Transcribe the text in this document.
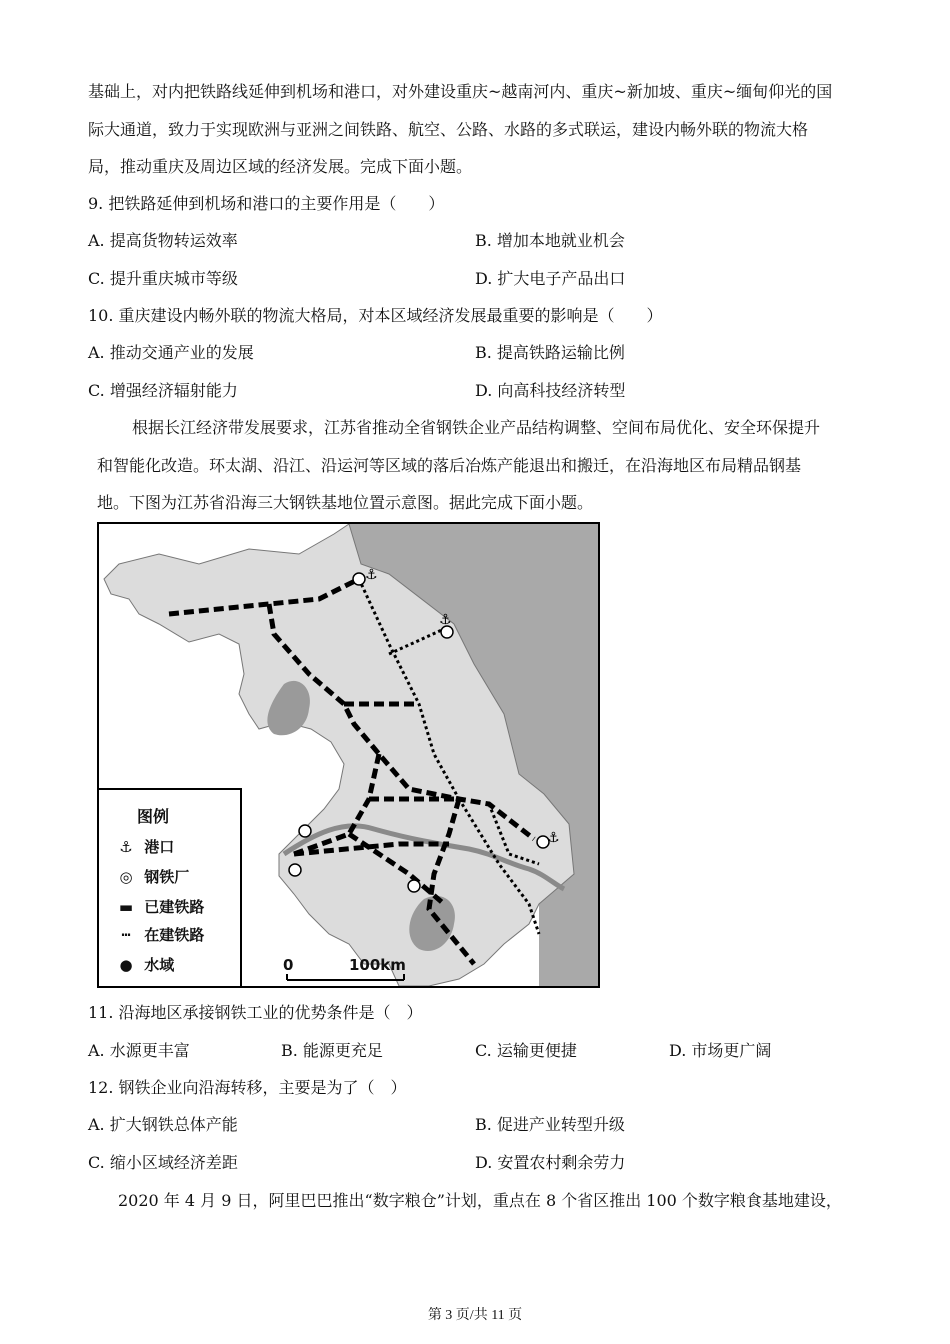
基础上，对内把铁路线延伸到机场和港口，对外建设重庆~越南河内、重庆~新加坡、重庆~缅甸仰光的国
际大通道，致力于实现欧洲与亚洲之间铁路、航空、公路、水路的多式联运，建设内畅外联的物流大格
局，推动重庆及周边区域的经济发展。完成下面小题。
9. 把铁路延伸到机场和港口的主要作用是（　　）
A. 提高货物转运效率	B. 增加本地就业机会
C. 提升重庆城市等级	D. 扩大电子产品出口
10. 重庆建设内畅外联的物流大格局，对本区域经济发展最重要的影响是（　　）
A. 推动交通产业的发展	B. 提高铁路运输比例
C. 增强经济辐射能力	D. 向高科技经济转型
根据长江经济带发展要求，江苏省推动全省钢铁企业产品结构调整、空间布局优化、安全环保提升
和智能化改造。环太湖、沿江、沿运河等区域的落后冶炼产能退出和搬迁，在沿海地区布局精品钢基
地。下图为江苏省沿海三大钢铁基地位置示意图。据此完成下面小题。
⚓
⚓
⚓
0	100km
图例
⚓ 港口
◎ 钢铁厂
▬ 已建铁路
┅ 在建铁路
● 水域
11. 沿海地区承接钢铁工业的优势条件是（　）
A. 水源更丰富	B. 能源更充足	C. 运输更便捷	D. 市场更广阔
12. 钢铁企业向沿海转移，主要是为了（　）
A. 扩大钢铁总体产能	B. 促进产业转型升级
C. 缩小区域经济差距	D. 安置农村剩余劳力
2020 年 4 月 9 日，阿里巴巴推出“数字粮仓”计划，重点在 8 个省区推出 100 个数字粮食基地建设，
第 3 页/共 11 页
